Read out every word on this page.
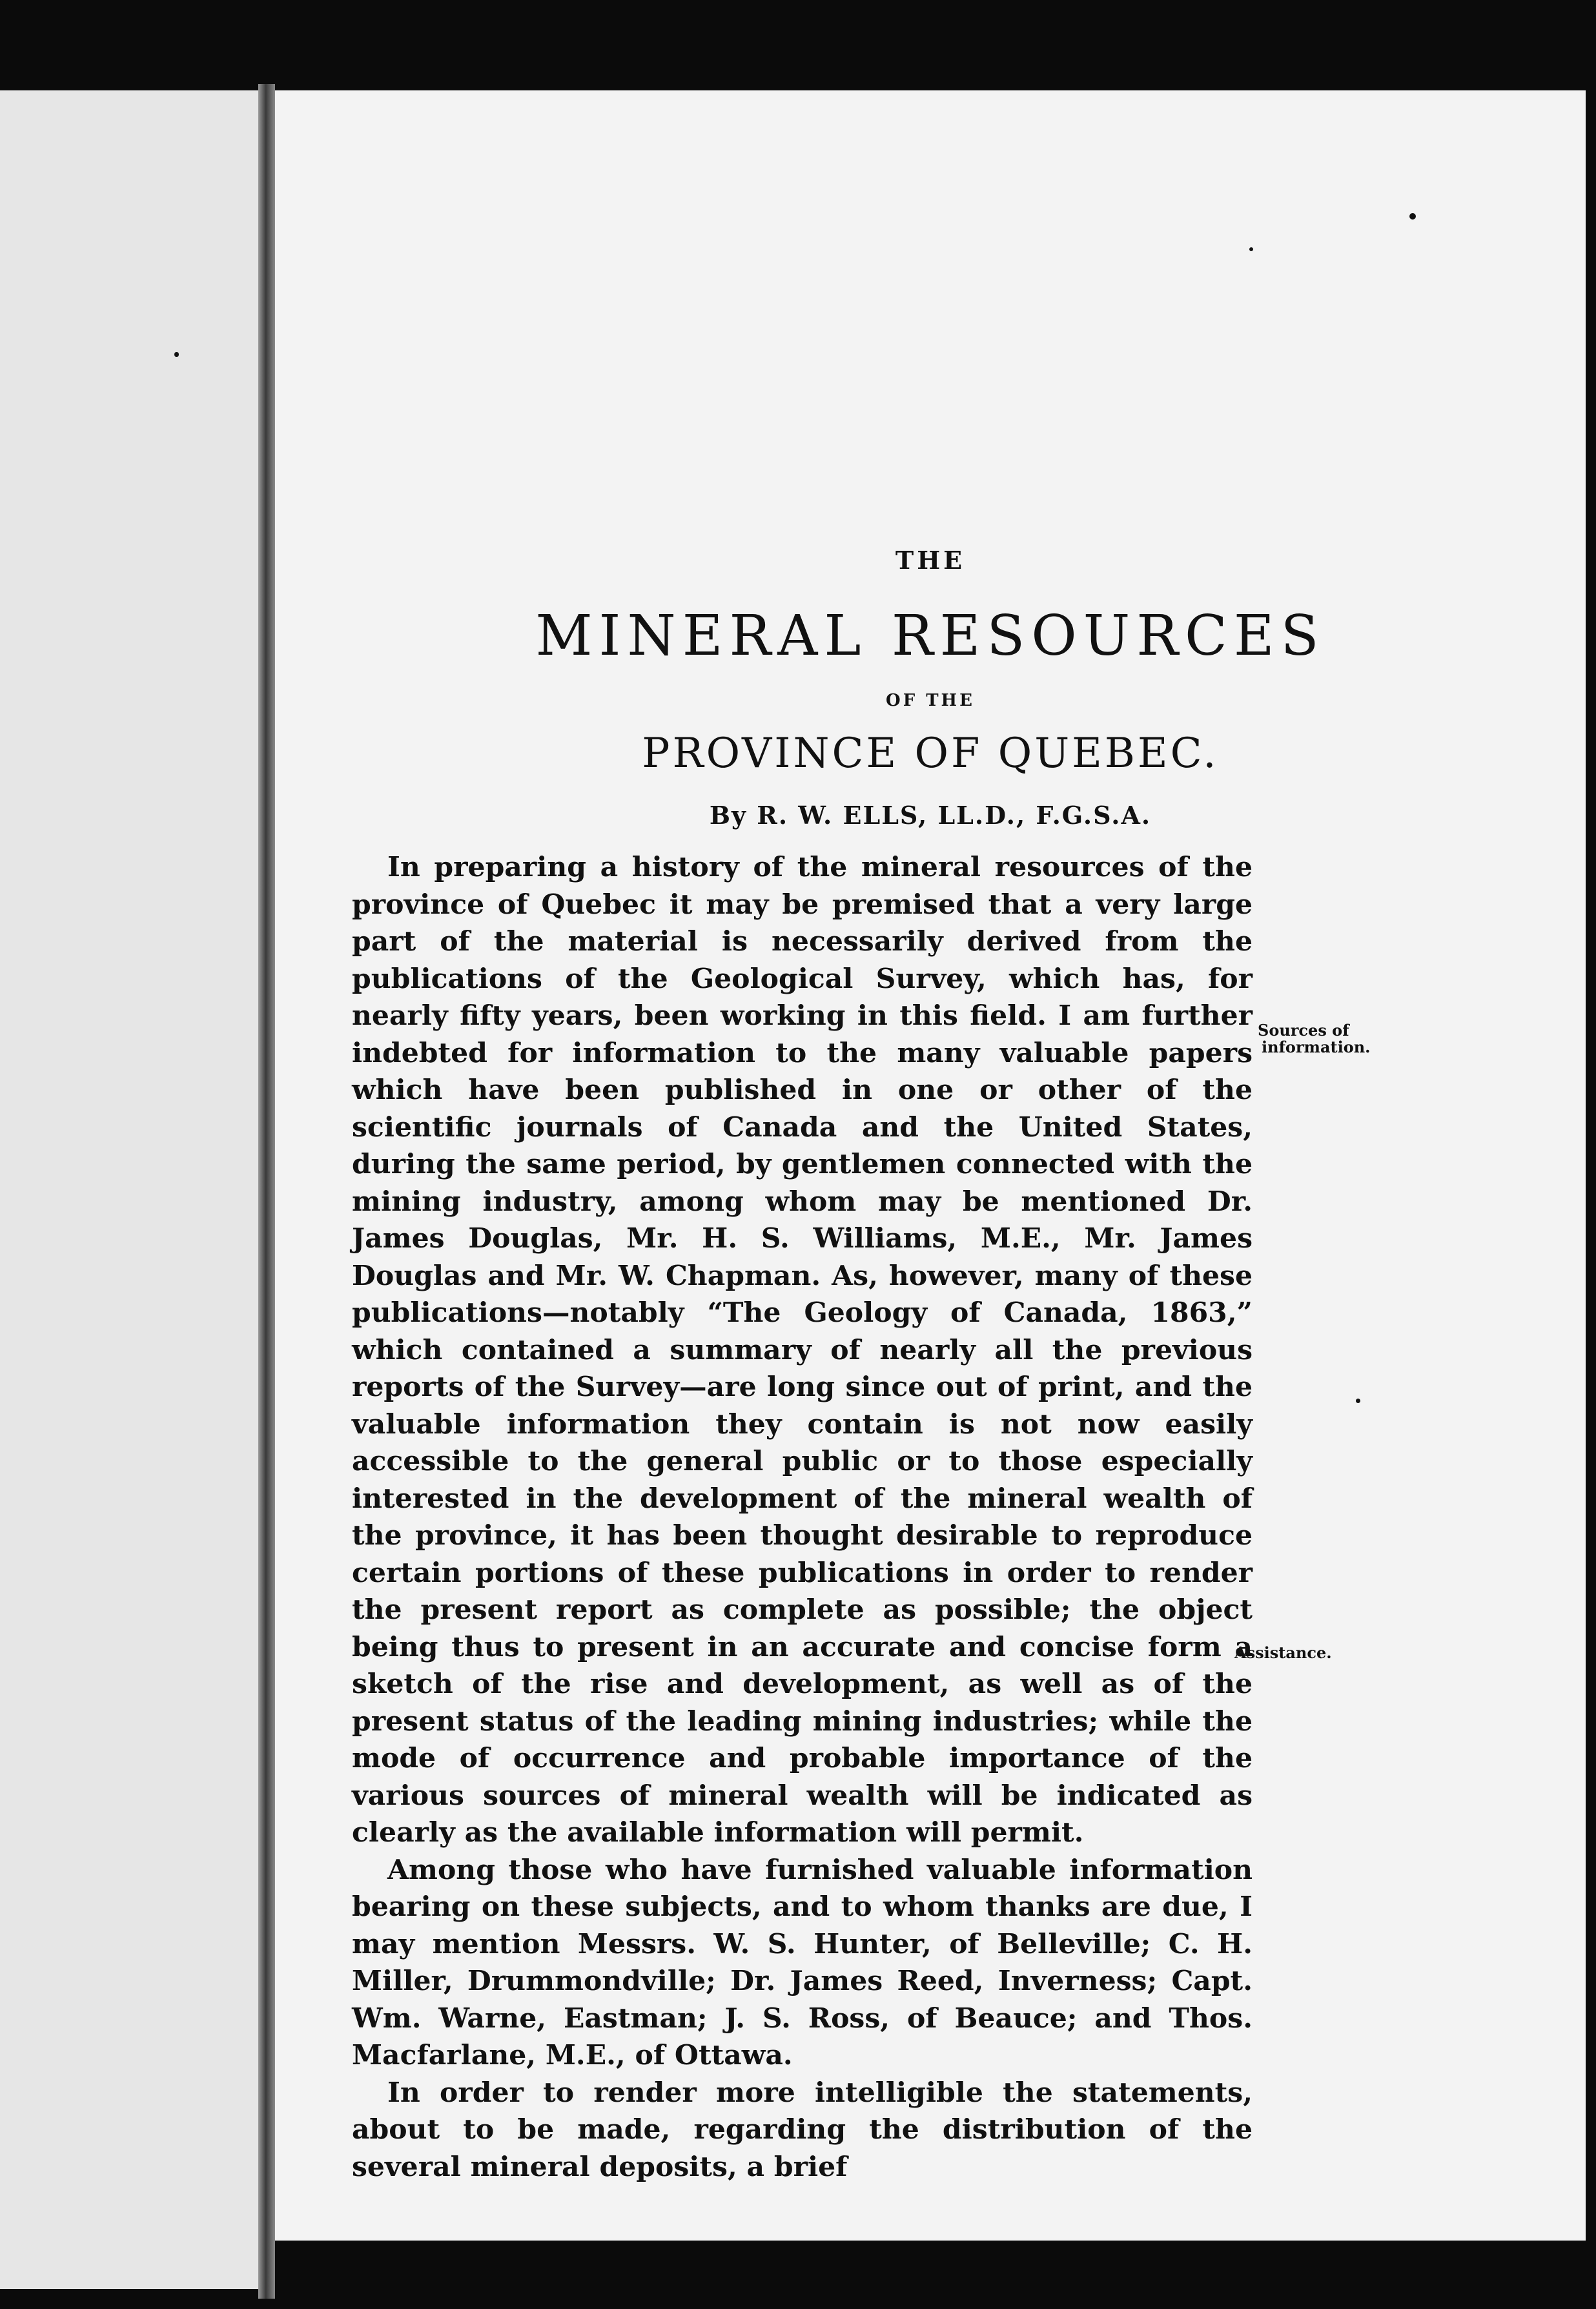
THE
MINERAL RESOURCES
OF THE
PROVINCE OF QUEBEC.
By R. W. ELLS, LL.D., F.G.S.A.

In preparing a history of the mineral resources of the province of Quebec it may be premised that a very large part of the material is necessarily derived from the publications of the Geological Survey, which has, for nearly fifty years, been working in this field. I am further indebted for information to the many valuable papers which have been published in one or other of the scientific journals of Canada and the United States, during the same period, by gentlemen connected with the mining industry, among whom may be mentioned Dr. James Douglas, Mr. H. S. Williams, M.E., Mr. James Douglas and Mr. W. Chapman. As, however, many of these publications—notably “The Geology of Canada, 1863,” which contained a summary of nearly all the previous reports of the Survey—are long since out of print, and the valuable information they contain is not now easily accessible to the general public or to those especially interested in the development of the mineral wealth of the province, it has been thought desirable to reproduce certain portions of these publications in order to render the present report as complete as possible; the object being thus to present in an accurate and concise form a sketch of the rise and development, as well as of the present status of the leading mining industries; while the mode of occurrence and probable importance of the various sources of mineral wealth will be indicated as clearly as the available information will permit.

Among those who have furnished valuable information bearing on these subjects, and to whom thanks are due, I may mention Messrs. W. S. Hunter, of Belleville; C. H. Miller, Drummondville; Dr. James Reed, Inverness; Capt. Wm. Warne, Eastman; J. S. Ross, of Beauce; and Thos. Macfarlane, M.E., of Ottawa.

In order to render more intelligible the statements, about to be made, regarding the distribution of the several mineral deposits, a brief

Sources of
information.
Assistance.
